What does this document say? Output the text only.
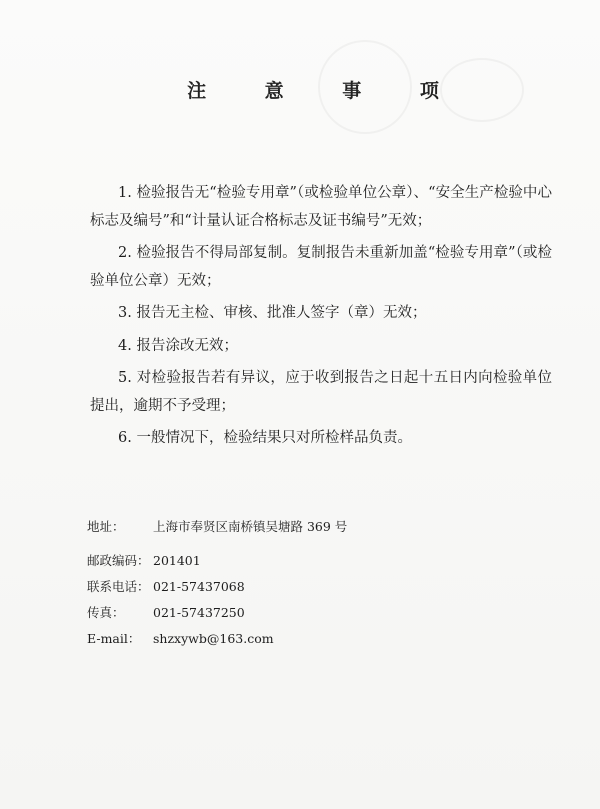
注 意 事 项

1. 检验报告无“检验专用章”（或检验单位公章）、“安全生产检验中心标志及编号”和“计量认证合格标志及证书编号”无效；

2. 检验报告不得局部复制。复制报告未重新加盖“检验专用章”（或检验单位公章）无效；

3. 报告无主检、审核、批准人签字（章）无效；

4. 报告涂改无效；

5. 对检验报告若有异议，应于收到报告之日起十五日内向检验单位提出，逾期不予受理；

6. 一般情况下，检验结果只对所检样品负责。

地址：	上海市奉贤区南桥镇吴塘路 369 号
邮政编码： 201401
联系电话： 021-57437068
传真：	021-57437250
E-mail：	shzxywb@163.com
